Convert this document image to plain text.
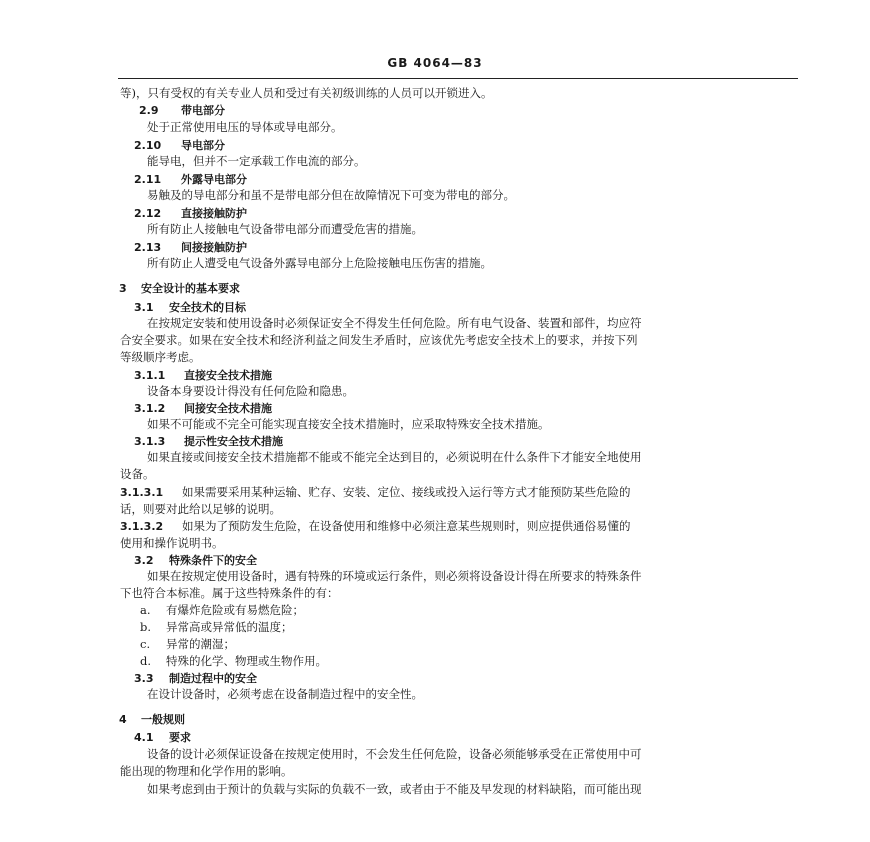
GB 4064—83
等)，只有受权的有关专业人员和受过有关初级训练的人员可以开锁进入。
2.9 带电部分
处于正常使用电压的导体或导电部分。
2.10 导电部分
能导电，但并不一定承载工作电流的部分。
2.11 外露导电部分
易触及的导电部分和虽不是带电部分但在故障情况下可变为带电的部分。
2.12 直接接触防护
所有防止人接触电气设备带电部分而遭受危害的措施。
2.13 间接接触防护
所有防止人遭受电气设备外露导电部分上危险接触电压伤害的措施。
3 安全设计的基本要求
3.1 安全技术的目标
在按规定安装和使用设备时必须保证安全不得发生任何危险。所有电气设备、装置和部件，均应符
合安全要求。如果在安全技术和经济利益之间发生矛盾时，应该优先考虑安全技术上的要求，并按下列
等级顺序考虑。
3.1.1 直接安全技术措施
设备本身要设计得没有任何危险和隐患。
3.1.2 间接安全技术措施
如果不可能或不完全可能实现直接安全技术措施时，应采取特殊安全技术措施。
3.1.3 提示性安全技术措施
如果直接或间接安全技术措施都不能或不能完全达到目的，必须说明在什么条件下才能安全地使用
设备。
3.1.3.1 如果需要采用某种运输、贮存、安装、定位、接线或投入运行等方式才能预防某些危险的
话，则要对此给以足够的说明。
3.1.3.2 如果为了预防发生危险，在设备使用和维修中必须注意某些规则时，则应提供通俗易懂的
使用和操作说明书。
3.2 特殊条件下的安全
如果在按规定使用设备时，遇有特殊的环境或运行条件，则必须将设备设计得在所要求的特殊条件
下也符合本标准。属于这些特殊条件的有：
a. 有爆炸危险或有易燃危险；
b. 异常高或异常低的温度；
c. 异常的潮湿；
d. 特殊的化学、物理或生物作用。
3.3 制造过程中的安全
在设计设备时，必须考虑在设备制造过程中的安全性。
4 一般规则
4.1 要求
设备的设计必须保证设备在按规定使用时，不会发生任何危险，设备必须能够承受在正常使用中可
能出现的物理和化学作用的影响。
如果考虑到由于预计的负载与实际的负载不一致，或者由于不能及早发现的材料缺陷，而可能出现
